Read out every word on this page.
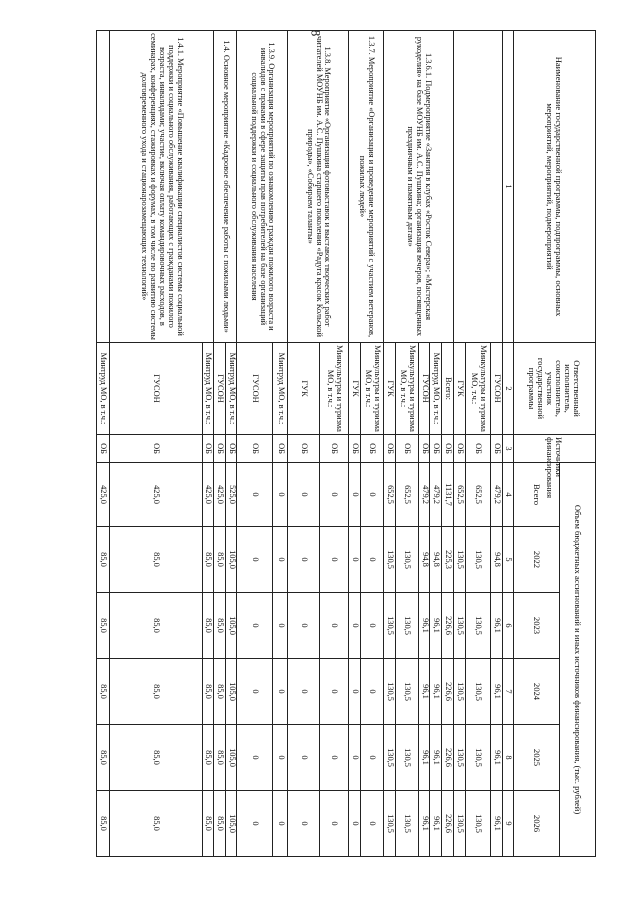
8
Наименование государственной программы, подпрограммы, основных мероприятий, мероприятий, подмероприятий	Ответственный исполнитель, соисполнитель, участник государственной программы	Источники финансирования	Объем бюджетных ассигнований и иных источников финансирования, (тыс. рублей)					
			Всего	2022	2023	2024	2025	2026
1	2	3	4	5	6	7	8	9
	ГУСОН	ОБ	479,2	94,8	96,1	96,1	96,1	96,1
	Минкультуры и туризма МО, т.ч.:	ОБ	652,5	130,5	130,5	130,5	130,5	130,5
	ГУК	ОБ	652,5	130,5	130,5	130,5	130,5	130,5
1.3.6.1. Подмероприятие «Занятия в клубах «Росток Севера»; «Мастерская рукоделия» на базе МОУНБ им. А.С. Пушкина; организация вечеров, посвященных праздничным и памятным датам»	Всего:	ОБ	1131,7	225,3	226,6	226,6	226,6	226,6
	Минтруд МО, в т.ч.:	ОБ	479,2	94,8	96,1	96,1	96,1	96,1
	ГУСОН	ОБ	479,2	94,8	96,1	96,1	96,1	96,1
	Минкультуры и туризма МО, в т.ч.:	ОБ	652,5	130,5	130,5	130,5	130,5	130,5
	ГУК	ОБ	652,5	130,5	130,5	130,5	130,5	130,5
1.3.7. Мероприятие «Организация и проведение мероприятий с участием ветеранов, пожилых людей»	Минкультуры и туризма МО, в т.ч.:	ОБ	0	0	0	0	0	0
	ГУК	ОБ	0	0	0	0	0	0
1.3.8. Мероприятие «Организация фотовыставок и выставок творческих работ читателей МОУНБ им. А.С. Пушкина старшего поколения «Радуга красок Кольской природы», «Собираем таланты»	Минкультуры и туризма МО, в т.ч.:	ОБ	0	0	0	0	0	0
	ГУК	ОБ	0	0	0	0	0	0
1.3.9. Организация мероприятий по ознакомлению граждан пожилого возраста и инвалидов с правами в сфере защиты прав потребителей на базе организаций социальной поддержки и социального обслуживания населения	Минтруд МО, в т.ч.:	ОБ	0	0	0	0	0	0
	ГУСОН	ОБ	0	0	0	0	0	0
1.4. Основное мероприятие «Кадровое обеспечение работы с пожилыми людьми»	Минтруд МО, в т.ч.:	ОБ	525,0	105,0	105,0	105,0	105,0	105,0
	ГУСОН	ОБ	425,0	85,0	85,0	85,0	85,0	85,0
1.4.1. Мероприятие «Повышение квалификации специалистов системы социальной поддержки и социального обслуживания, работающих с гражданами пожилого возраста, инвалидами; участие, включая оплату командировочных расходов, в семинарах, конференциях, стажировках и форумах, в том числе по развитию системы долговременного ухода и стационарозамещающих технологий»	Минтруд МО, в т.ч.:	ОБ	425,0	85,0	85,0	85,0	85,0	85,0
	ГУСОН	ОБ	425,0	85,0	85,0	85,0	85,0	85,0
	Минтруд МО, в т.ч.:	ОБ	425,0	85,0	85,0	85,0	85,0	85,0
